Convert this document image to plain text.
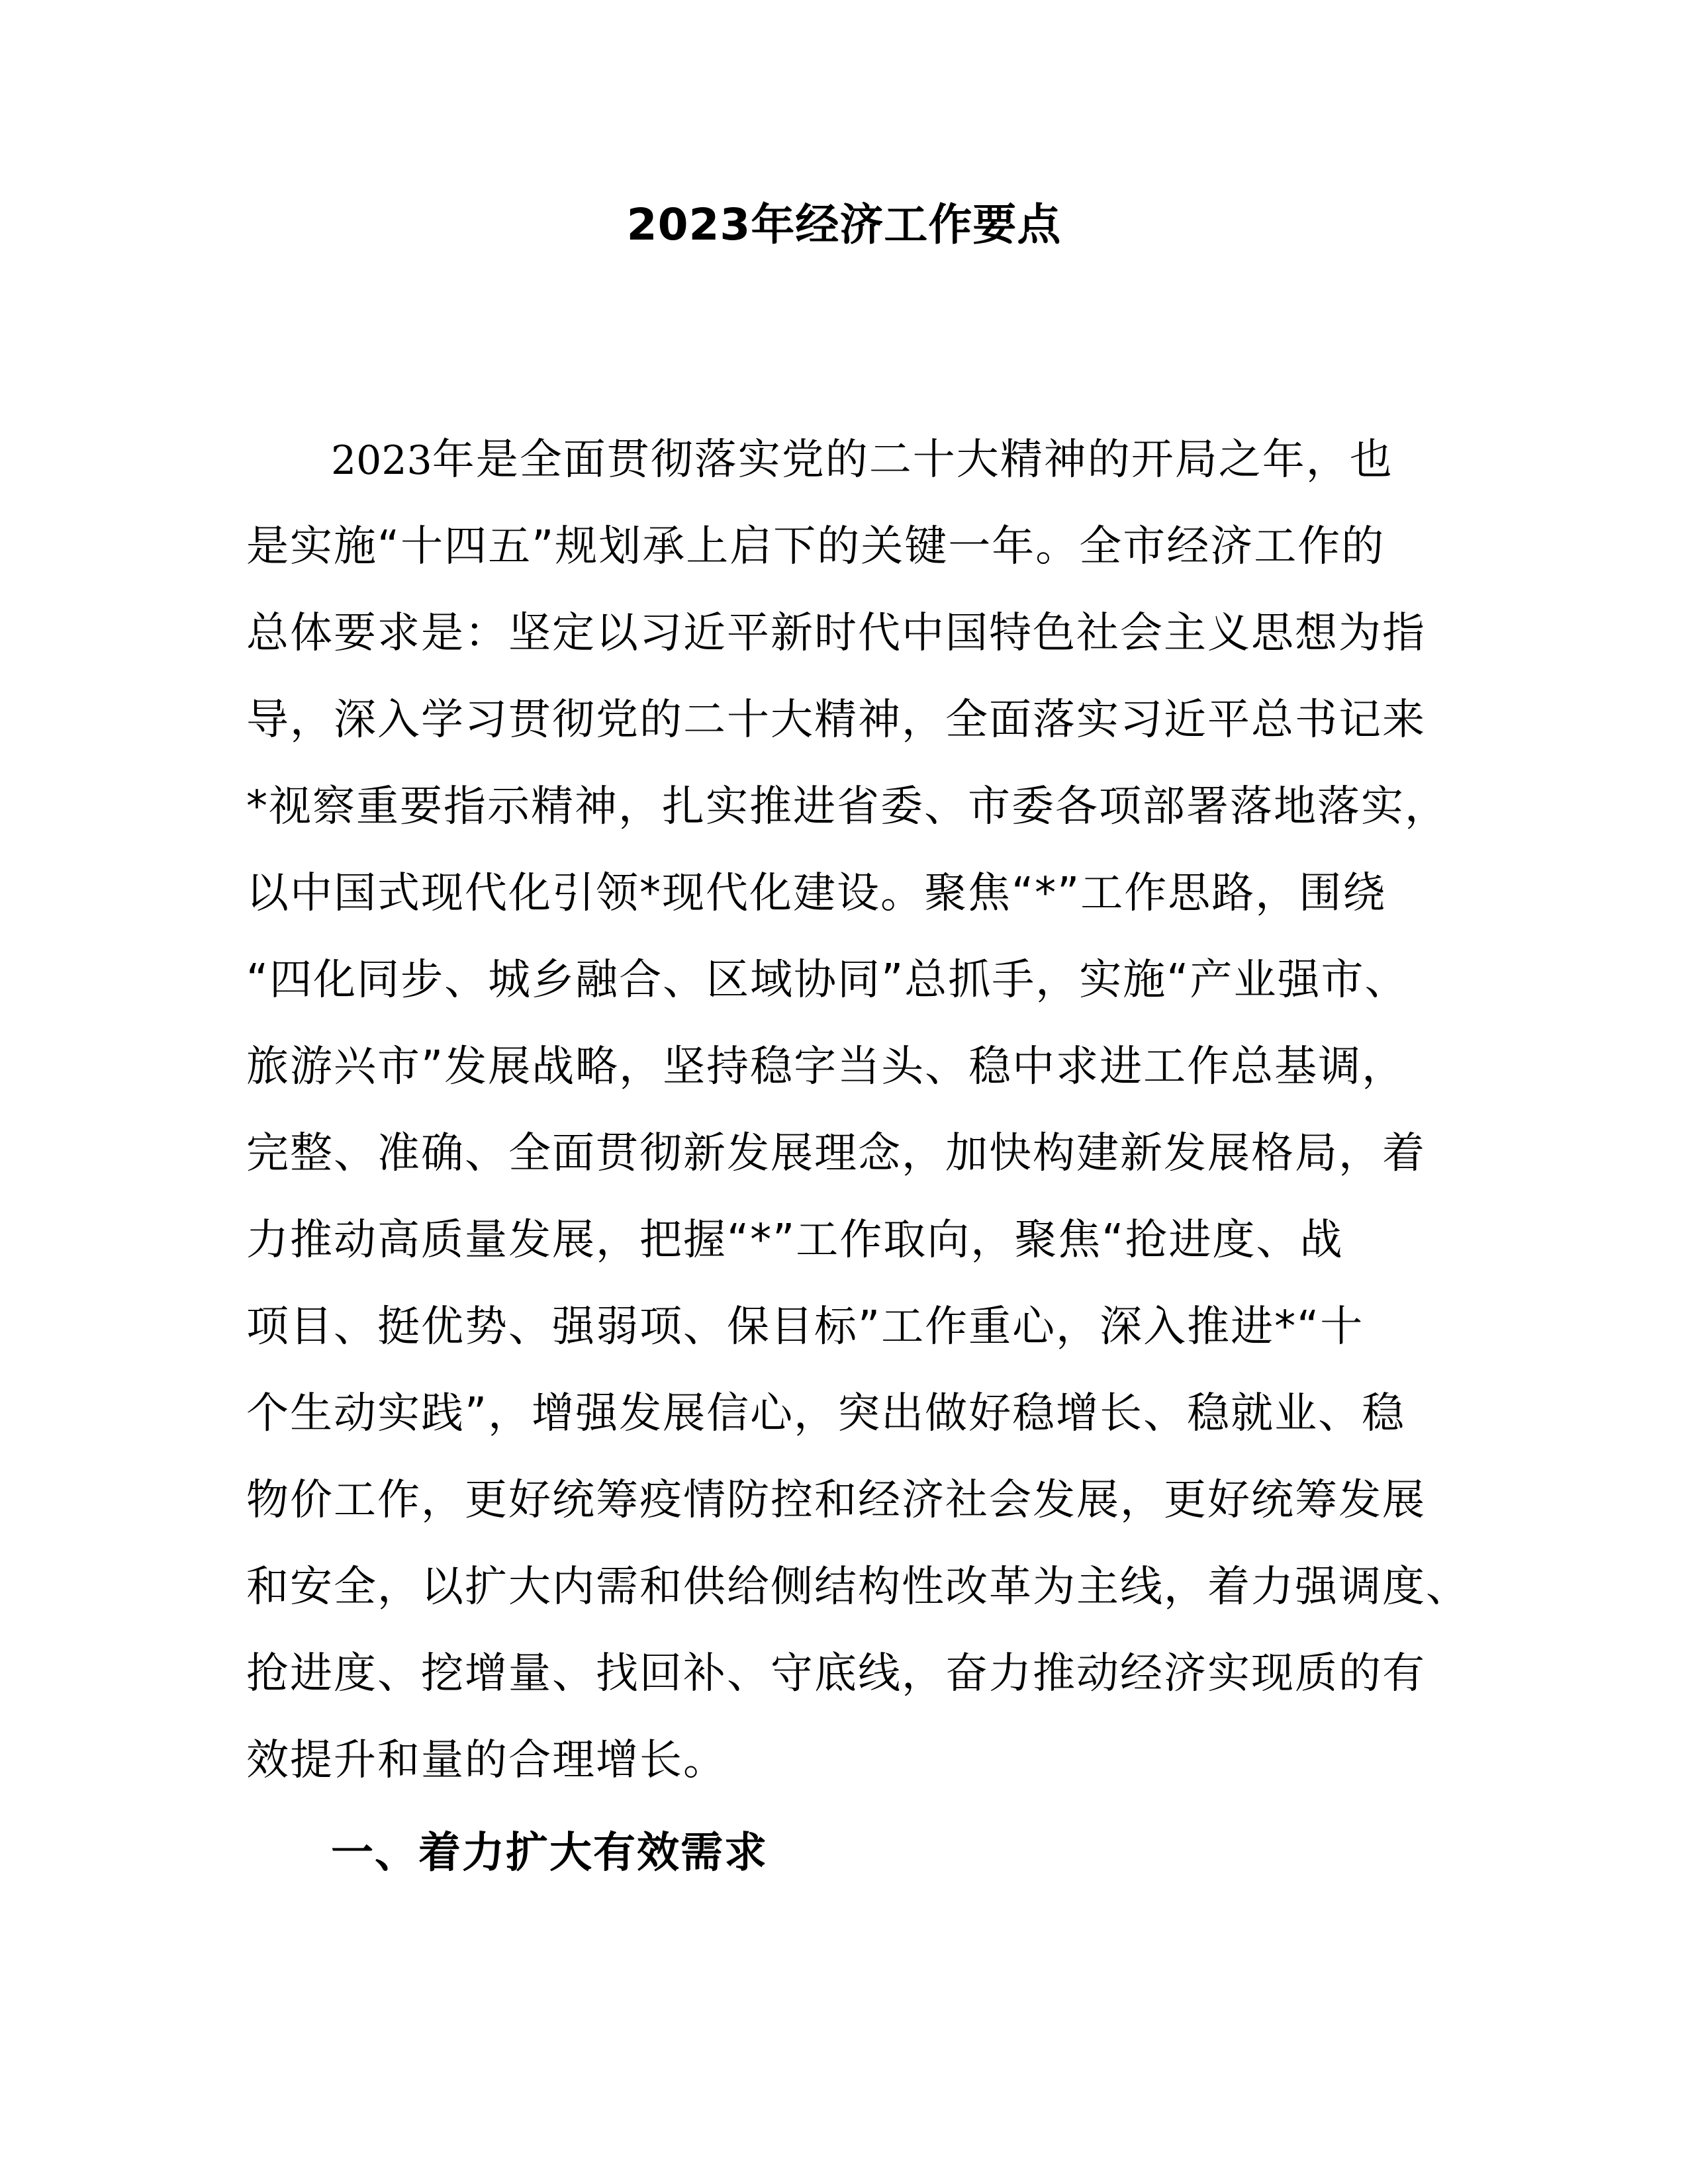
2023年经济工作要点
2023年是全面贯彻落实党的二十大精神的开局之年，也
是实施“十四五”规划承上启下的关键一年。全市经济工作的
总体要求是：坚定以习近平新时代中国特色社会主义思想为指
导，深入学习贯彻党的二十大精神，全面落实习近平总书记来
*视察重要指示精神，扎实推进省委、市委各项部署落地落实，
以中国式现代化引领*现代化建设。聚焦“*”工作思路，围绕
“四化同步、城乡融合、区域协同”总抓手，实施“产业强市、
旅游兴市”发展战略，坚持稳字当头、稳中求进工作总基调，
完整、准确、全面贯彻新发展理念，加快构建新发展格局，着
力推动高质量发展，把握“*”工作取向，聚焦“抢进度、战
项目、挺优势、强弱项、保目标”工作重心，深入推进*“十
个生动实践”，增强发展信心，突出做好稳增长、稳就业、稳
物价工作，更好统筹疫情防控和经济社会发展，更好统筹发展
和安全，以扩大内需和供给侧结构性改革为主线，着力强调度、
抢进度、挖增量、找回补、守底线，奋力推动经济实现质的有
效提升和量的合理增长。
一、着力扩大有效需求
